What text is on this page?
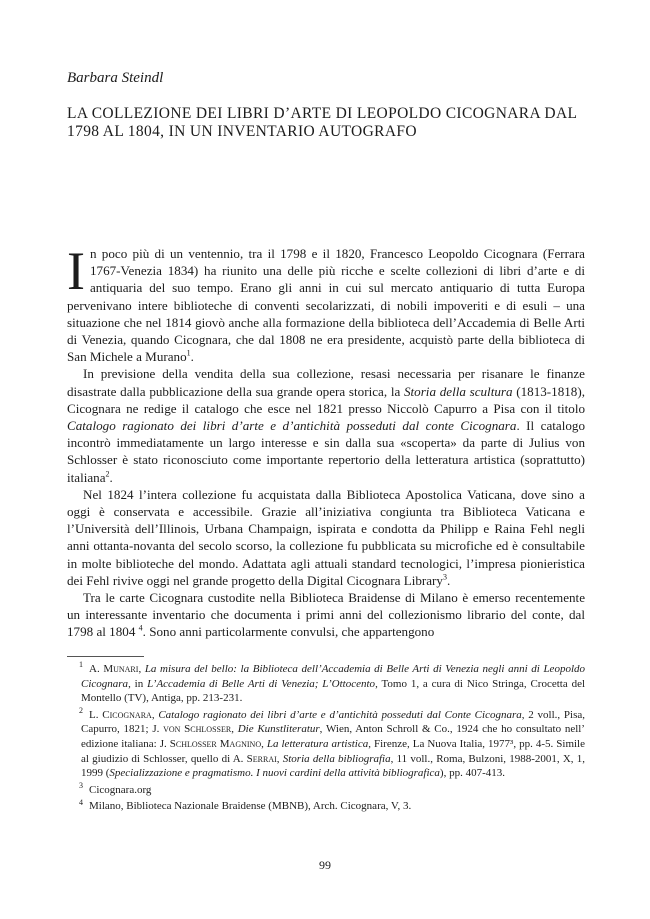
Barbara Steindl
LA COLLEZIONE DEI LIBRI D’ARTE DI LEOPOLDO CICOGNARA DAL 1798 AL 1804, IN UN INVENTARIO AUTOGRAFO

In poco più di un ventennio, tra il 1798 e il 1820, Francesco Leopoldo Cicognara (Ferrara 1767-Venezia 1834) ha riunito una delle più ricche e scelte collezioni di libri d’arte e di antiquaria del suo tempo. Erano gli anni in cui sul mercato antiquario di tutta Europa pervenivano intere biblioteche di conventi secolarizzati, di nobili impoveriti e di esuli – una situazione che nel 1814 giovò anche alla formazione della biblioteca dell’Accademia di Belle Arti di Venezia, quando Cicognara, che dal 1808 ne era presidente, acquistò parte della biblioteca di San Michele a Murano$^1$.

In previsione della vendita della sua collezione, resasi necessaria per risanare le finanze disastrate dalla pubblicazione della sua grande opera storica, la Storia della scultura (1813-1818), Cicognara ne redige il catalogo che esce nel 1821 presso Niccolò Capurro a Pisa con il titolo Catalogo ragionato dei libri d’arte e d’antichità posseduti dal conte Cicognara. Il catalogo incontrò immediatamente un largo interesse e sin dalla sua «scoperta» da parte di Julius von Schlosser è stato riconosciuto come importante repertorio della letteratura artistica (soprattutto) italiana$^2$.

Nel 1824 l’intera collezione fu acquistata dalla Biblioteca Apostolica Vaticana, dove sino a oggi è conservata e accessibile. Grazie all’iniziativa congiunta tra Biblioteca Vaticana e l’Università dell’Illinois, Urbana Champaign, ispirata e condotta da Philipp e Raina Fehl negli anni ottanta-novanta del secolo scorso, la collezione fu pubblicata su microfiche ed è consultabile in molte biblioteche del mondo. Adattata agli attuali standard tecnologici, l’impresa pionieristica dei Fehl rivive oggi nel grande progetto della Digital Cicognara Library$^3$.

Tra le carte Cicognara custodite nella Biblioteca Braidense di Milano è emerso recentemente un interessante inventario che documenta i primi anni del collezionismo librario del conte, dal 1798 al 1804 $^4$. Sono anni particolarmente convulsi, che appartengono

1 A. Munari, La misura del bello: la Biblioteca dell’Accademia di Belle Arti di Venezia negli anni di Leopoldo Cicognara, in L’Accademia di Belle Arti di Venezia; L’Ottocento, Tomo 1, a cura di Nico Stringa, Crocetta del Montello (TV), Antiga, pp. 213-231.

2 L. Cicognara, Catalogo ragionato dei libri d’arte e d’antichità posseduti dal Conte Cicognara, 2 voll., Pisa, Capurro, 1821; J. von Schlosser, Die Kunstliteratur, Wien, Anton Schroll & Co., 1924 che ho consultato nell’ edizione italiana: J. Schlosser Magnino, La letteratura artistica, Firenze, La Nuova Italia, 1977³, pp. 4-5. Simile al giudizio di Schlosser, quello di A. Serrai, Storia della bibliografia, 11 voll., Roma, Bulzoni, 1988-2001, X, 1, 1999 (Specializzazione e pragmatismo. I nuovi cardini della attività bibliografica), pp. 407-413.

3 Cicognara.org

4 Milano, Biblioteca Nazionale Braidense (MBNB), Arch. Cicognara, V, 3.

99
